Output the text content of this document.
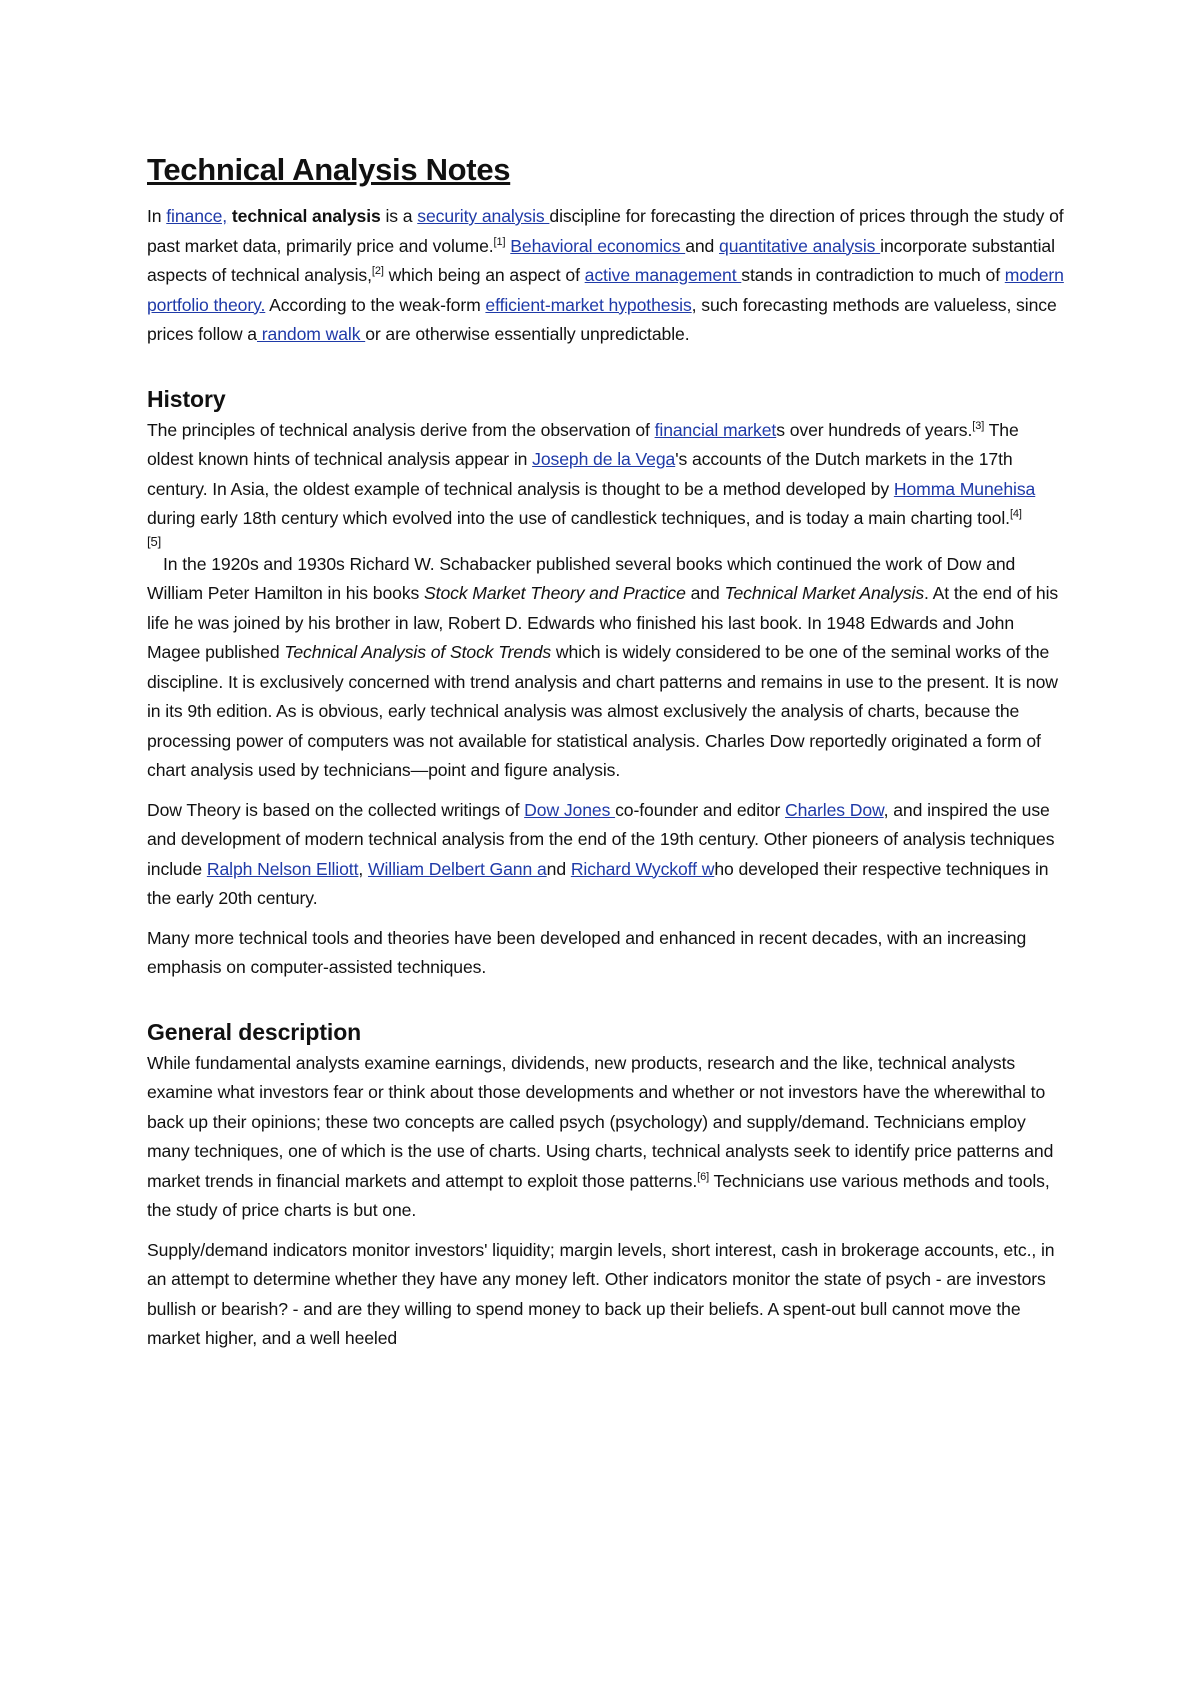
Technical Analysis Notes

In finance, technical analysis is a security analysis discipline for forecasting the direction of prices through the study of past market data, primarily price and volume.[1] Behavioral economics and quantitative analysis incorporate substantial aspects of technical analysis,[2] which being an aspect of active management stands in contradiction to much of modern portfolio theory. According to the weak-form efficient-market hypothesis, such forecasting methods are valueless, since prices follow a random walk or are otherwise essentially unpredictable.

History

The principles of technical analysis derive from the observation of financial markets over hundreds of years.[3] The oldest known hints of technical analysis appear in Joseph de la Vega's accounts of the Dutch markets in the 17th century. In Asia, the oldest example of technical analysis is thought to be a method developed by Homma Munehisa during early 18th century which evolved into the use of candlestick techniques, and is today a main charting tool.[4]
[5]
In the 1920s and 1930s Richard W. Schabacker published several books which continued the work of Dow and William Peter Hamilton in his books Stock Market Theory and Practice and Technical Market Analysis. At the end of his life he was joined by his brother in law, Robert D. Edwards who finished his last book. In 1948 Edwards and John Magee published Technical Analysis of Stock Trends which is widely considered to be one of the seminal works of the discipline. It is exclusively concerned with trend analysis and chart patterns and remains in use to the present. It is now in its 9th edition. As is obvious, early technical analysis was almost exclusively the analysis of charts, because the processing power of computers was not available for statistical analysis. Charles Dow reportedly originated a form of chart analysis used by technicians—point and figure analysis.

Dow Theory is based on the collected writings of Dow Jones co-founder and editor Charles Dow, and inspired the use and development of modern technical analysis from the end of the 19th century. Other pioneers of analysis techniques include Ralph Nelson Elliott, William Delbert Gann and Richard Wyckoff who developed their respective techniques in the early 20th century.

Many more technical tools and theories have been developed and enhanced in recent decades, with an increasing emphasis on computer-assisted techniques.

General description

While fundamental analysts examine earnings, dividends, new products, research and the like, technical analysts examine what investors fear or think about those developments and whether or not investors have the wherewithal to back up their opinions; these two concepts are called psych (psychology) and supply/demand. Technicians employ many techniques, one of which is the use of charts. Using charts, technical analysts seek to identify price patterns and market trends in financial markets and attempt to exploit those patterns.[6] Technicians use various methods and tools, the study of price charts is but one.

Supply/demand indicators monitor investors' liquidity; margin levels, short interest, cash in brokerage accounts, etc., in an attempt to determine whether they have any money left. Other indicators monitor the state of psych - are investors bullish or bearish? - and are they willing to spend money to back up their beliefs. A spent-out bull cannot move the market higher, and a well heeled
